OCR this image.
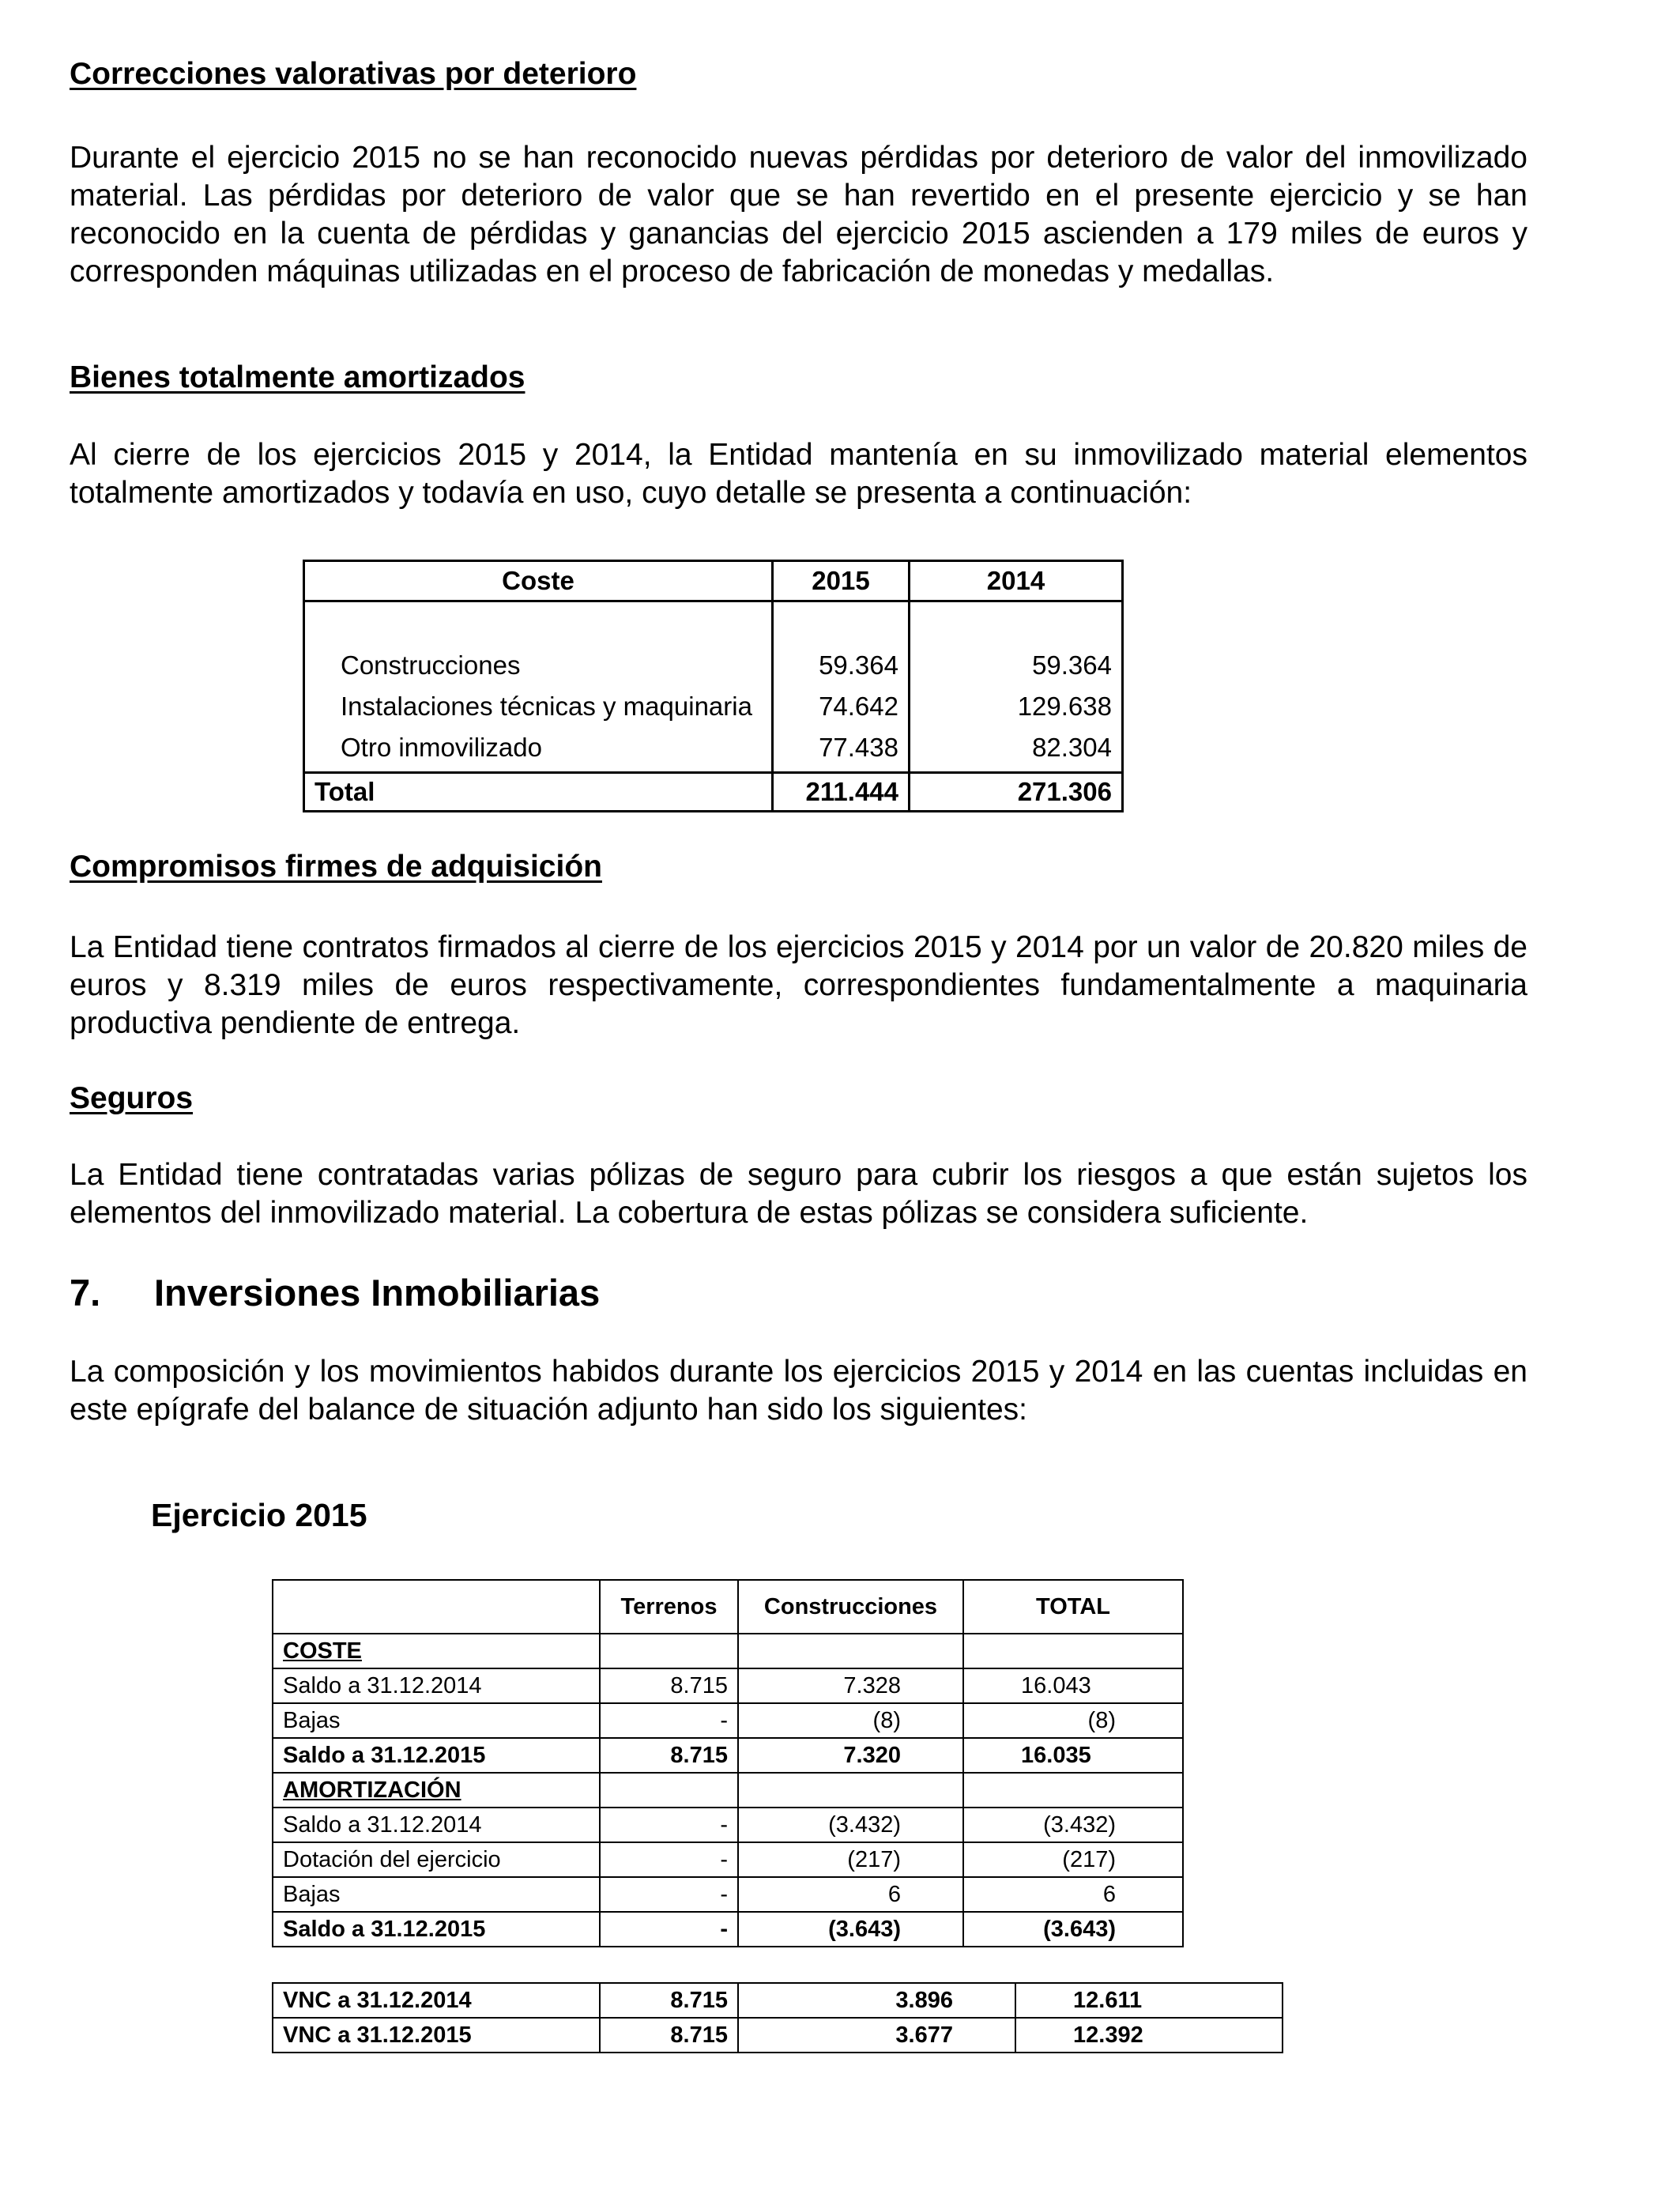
Correcciones valorativas por deterioro

Durante el ejercicio 2015 no se han reconocido nuevas pérdidas por deterioro de valor del inmovilizado material. Las pérdidas por deterioro de valor que se han revertido en el presente ejercicio y se han reconocido en la cuenta de pérdidas y ganancias del ejercicio 2015 ascienden a 179 miles de euros y corresponden máquinas utilizadas en el proceso de fabricación de monedas y medallas.

Bienes totalmente amortizados

Al cierre de los ejercicios 2015 y 2014, la Entidad mantenía en su inmovilizado material elementos totalmente amortizados y todavía en uso, cuyo detalle se presenta a continuación:

Compromisos firmes de adquisición

La Entidad tiene contratos firmados al cierre de los ejercicios 2015 y 2014 por un valor de 20.820 miles de euros y 8.319 miles de euros respectivamente, correspondientes fundamentalmente a maquinaria productiva pendiente de entrega.

Seguros

La Entidad tiene contratadas varias pólizas de seguro para cubrir los riesgos a que están sujetos los elementos del inmovilizado material. La cobertura de estas pólizas se considera suficiente.

7. Inversiones Inmobiliarias

La composición y los movimientos habidos durante los ejercicios 2015 y 2014 en las cuentas incluidas en este epígrafe del balance de situación adjunto han sido los siguientes:

Coste	2015	2014

Construcciones	59.364	59.364
Instalaciones técnicas y maquinaria	74.642	129.638
Otro inmovilizado	77.438	82.304
Total	211.444	271.306
Ejercicio 2015
	Terrenos	Construcciones	TOTAL
COSTE			
Saldo a 31.12.2014	8.715	7.328	16.043
Bajas	-	(8)	(8)
Saldo a 31.12.2015	8.715	7.320	16.035
AMORTIZACIÓN			
Saldo a 31.12.2014	-	(3.432)	(3.432)
Dotación del ejercicio	-	(217)	(217)
Bajas	-	6	6
Saldo a 31.12.2015	-	(3.643)	(3.643)
VNC a 31.12.2014	8.715	3.896	12.611
VNC a 31.12.2015	8.715	3.677	12.392
